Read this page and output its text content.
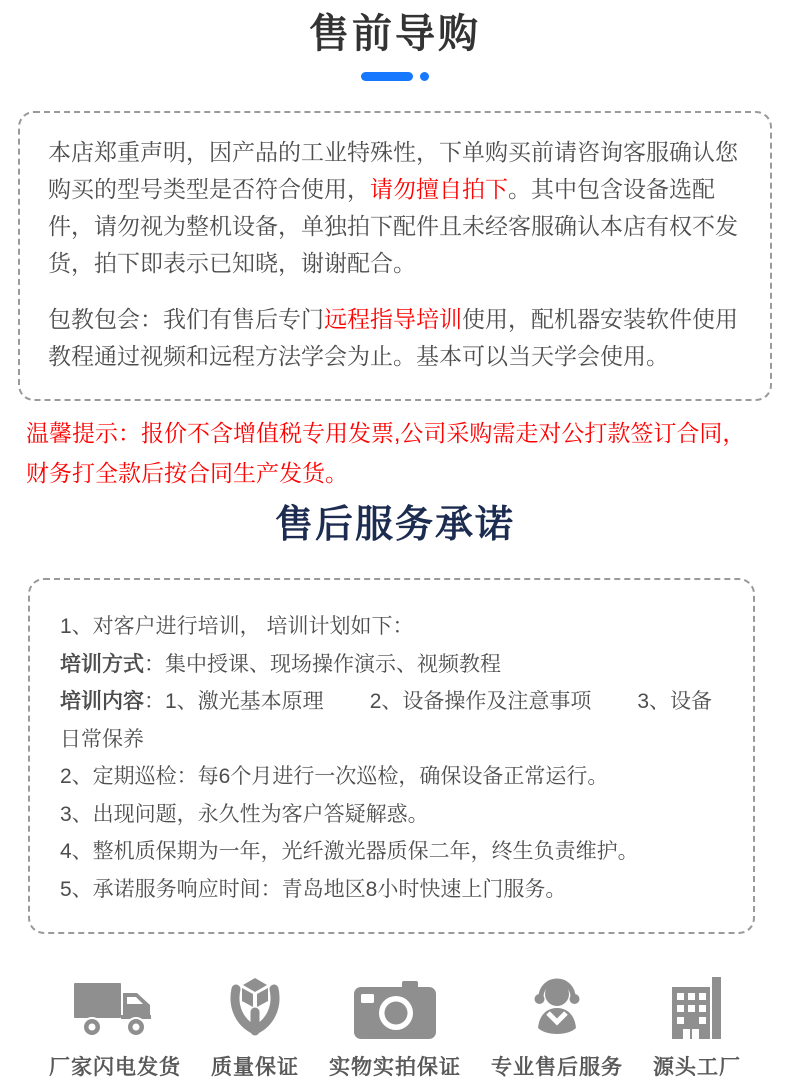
售前导购

本店郑重声明，因产品的工业特殊性，下单购买前请咨询客服确认您购买的型号类型是否符合使用，请勿擅自拍下。其中包含设备选配件，请勿视为整机设备，单独拍下配件且未经客服确认本店有权不发货，拍下即表示已知晓，谢谢配合。

包教包会：我们有售后专门远程指导培训使用，配机器安装软件使用教程通过视频和远程方法学会为止。基本可以当天学会使用。

温馨提示：报价不含增值税专用发票,公司采购需走对公打款签订合同，
财务打全款后按合同生产发货。
售后服务承诺
1、对客户进行培训， 培训计划如下：
培训方式：集中授课、现场操作演示、视频教程
培训内容：1、激光基本原理 2、设备操作及注意事项 3、设备日常保养
2、定期巡检：每6个月进行一次巡检，确保设备正常运行。
3、出现问题，永久性为客户答疑解惑。
4、整机质保期为一年，光纤激光器质保二年，终生负责维护。
5、承诺服务响应时间：青岛地区8小时快速上门服务。
厂家闪电发货 质量保证 实物实拍保证 专业售后服务 源头工厂
